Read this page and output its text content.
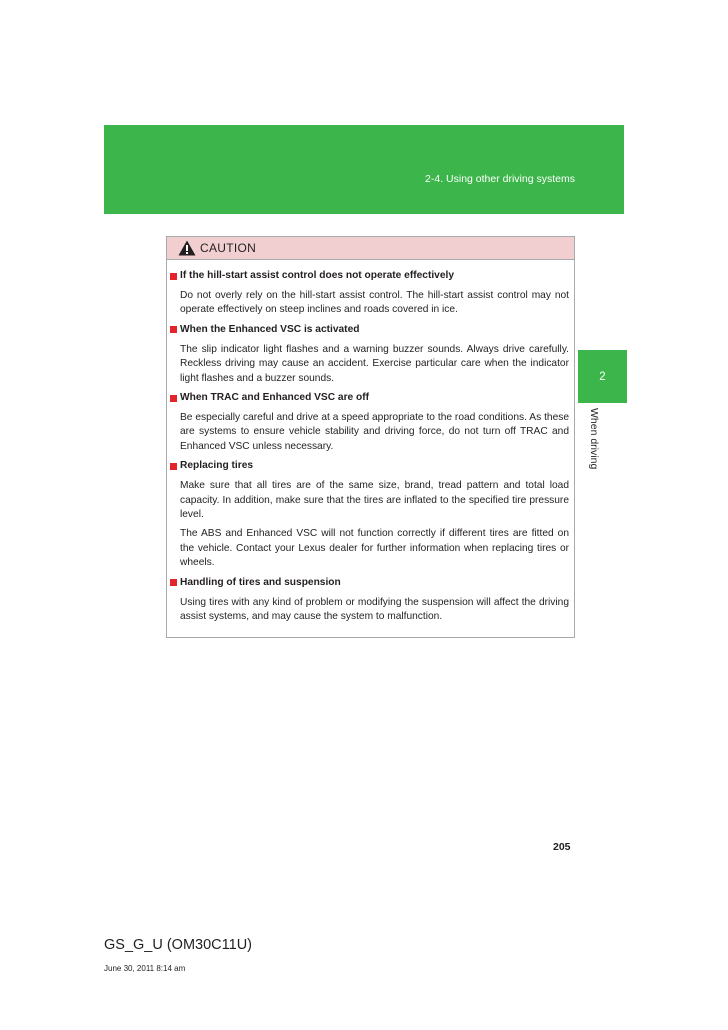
2-4. Using other driving systems
2
When driving
CAUTION
If the hill-start assist control does not operate effectively

Do not overly rely on the hill-start assist control. The hill-start assist control may not operate effectively on steep inclines and roads covered in ice.

When the Enhanced VSC is activated

The slip indicator light flashes and a warning buzzer sounds. Always drive carefully. Reckless driving may cause an accident. Exercise particular care when the indicator light flashes and a buzzer sounds.

When TRAC and Enhanced VSC are off

Be especially careful and drive at a speed appropriate to the road conditions. As these are systems to ensure vehicle stability and driving force, do not turn off TRAC and Enhanced VSC unless necessary.

Replacing tires

Make sure that all tires are of the same size, brand, tread pattern and total load capacity. In addition, make sure that the tires are inflated to the specified tire pressure level.

The ABS and Enhanced VSC will not function correctly if different tires are fitted on the vehicle. Contact your Lexus dealer for further information when replacing tires or wheels.

Handling of tires and suspension

Using tires with any kind of problem or modifying the suspension will affect the driving assist systems, and may cause the system to malfunction.

205
GS_G_U (OM30C11U)
June 30, 2011 8:14 am
